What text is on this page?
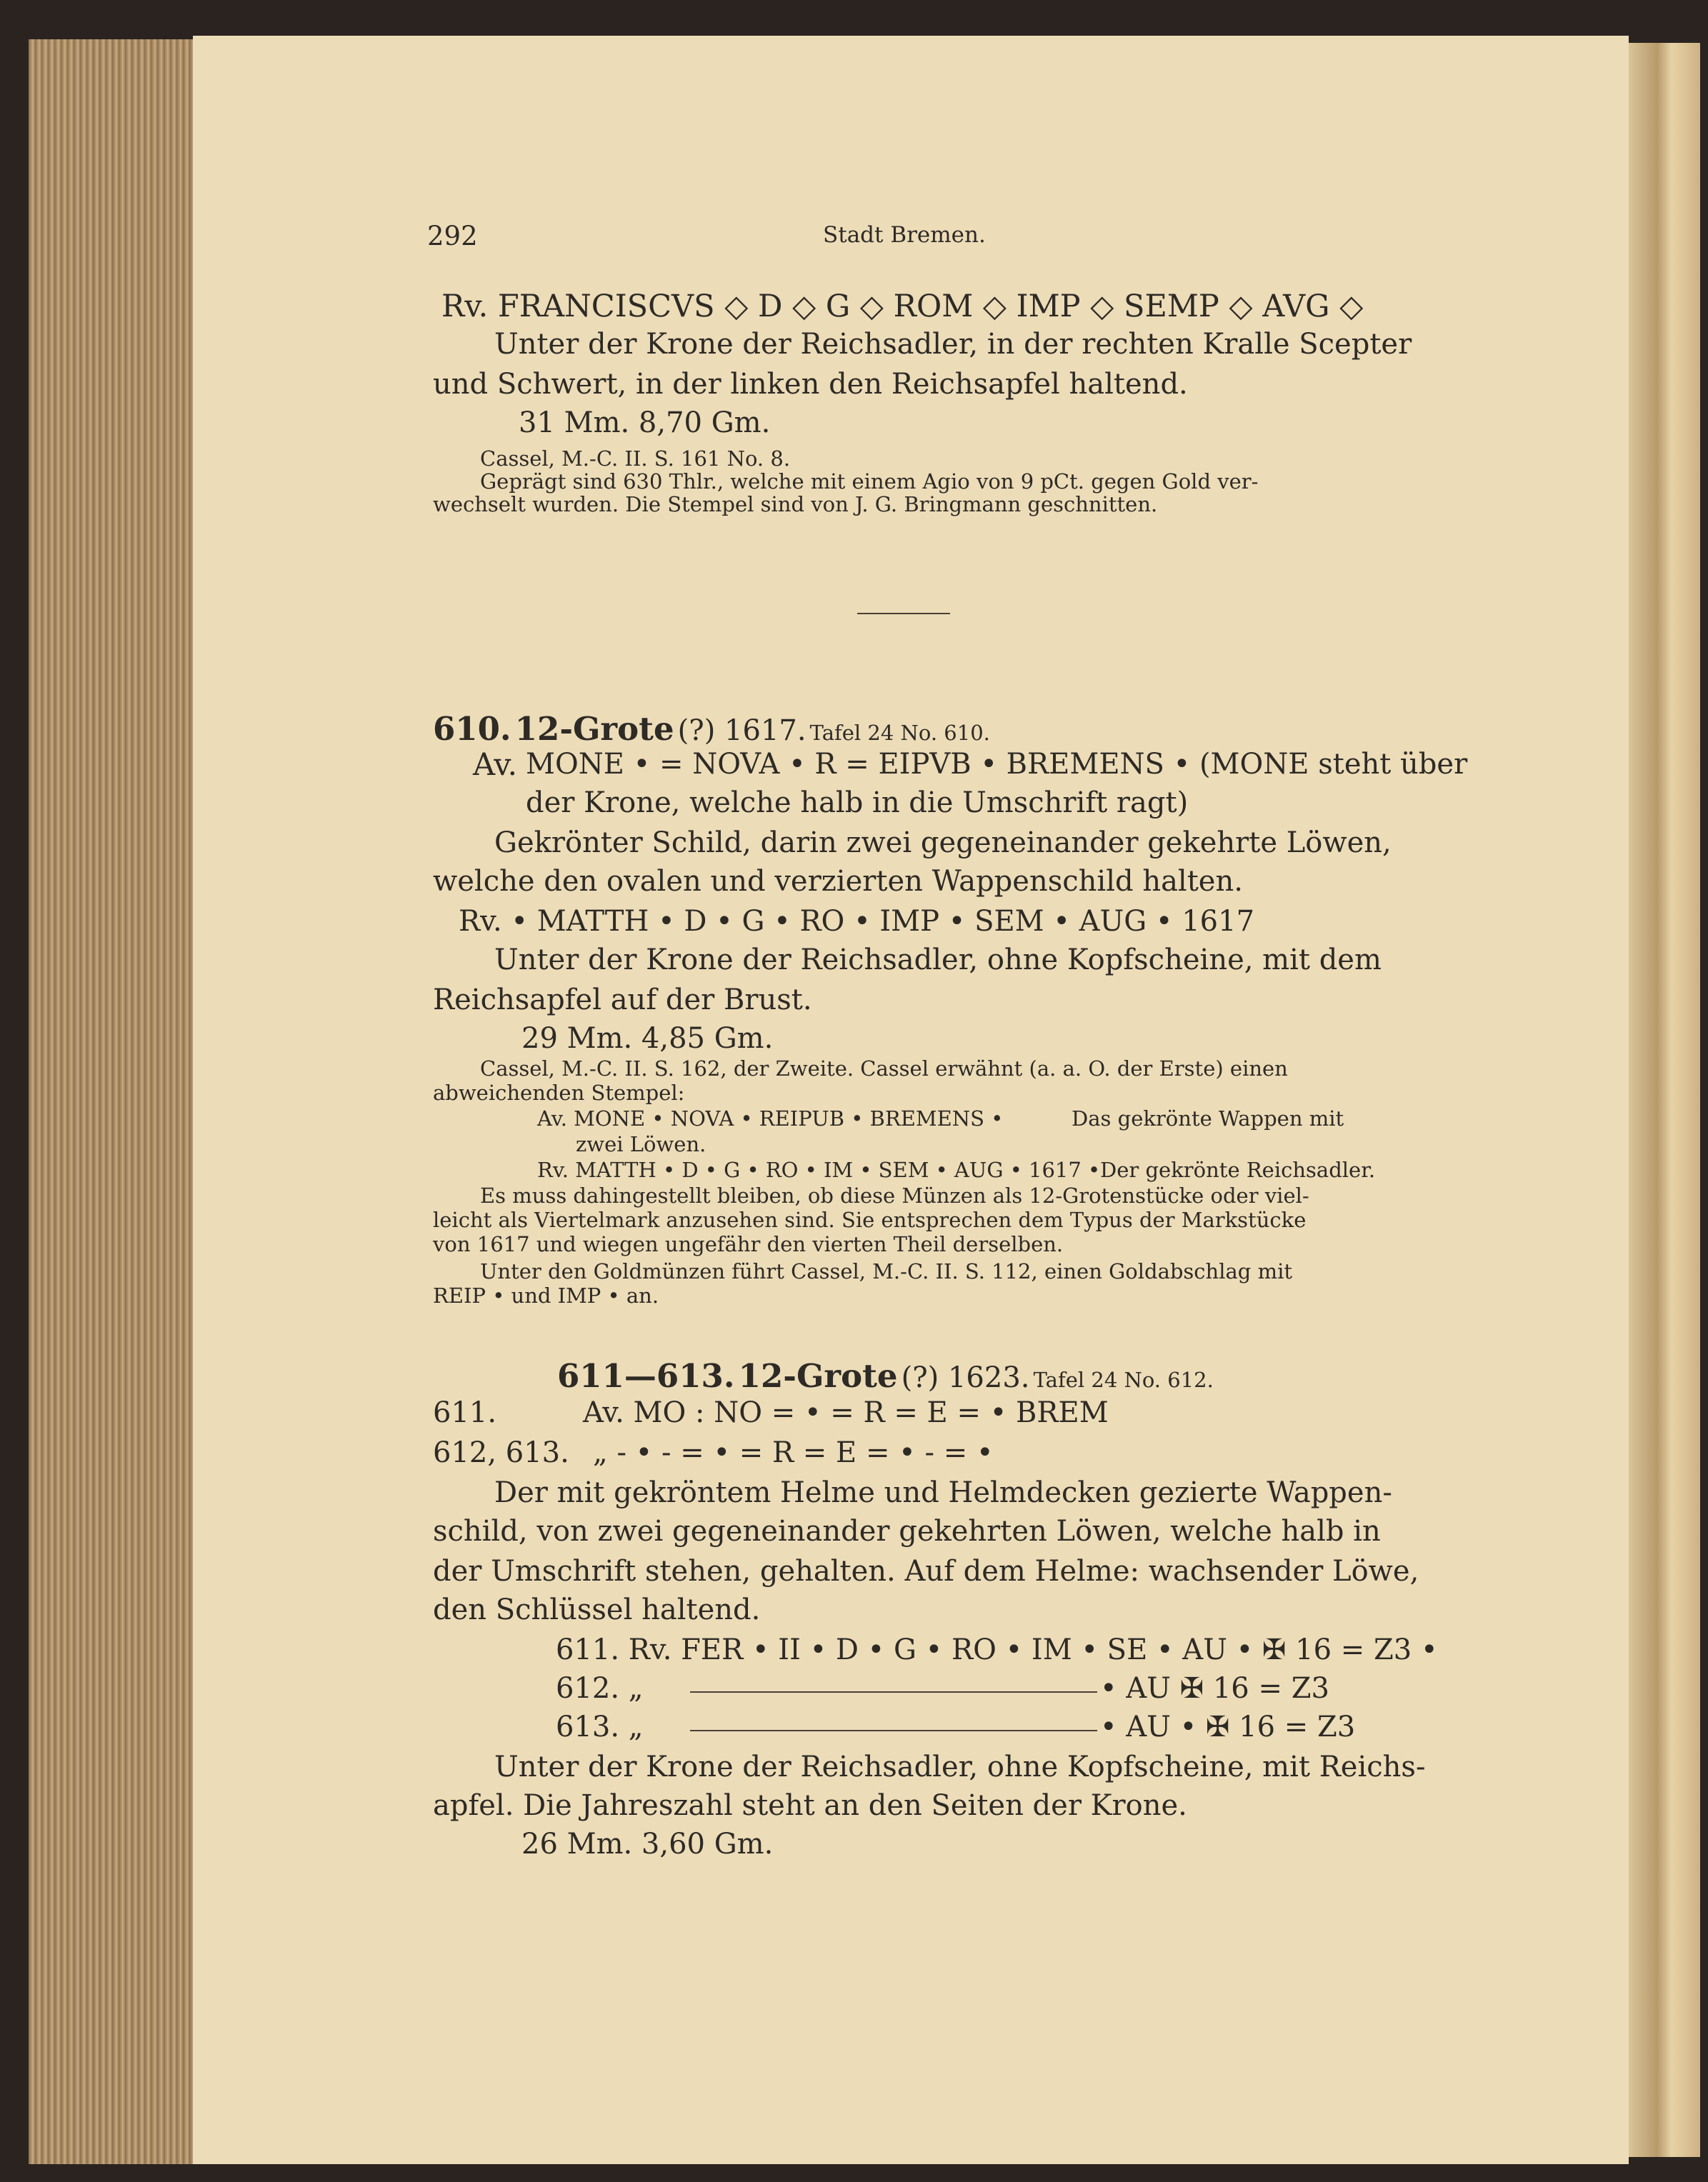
292	Stadt Bremen.
Rv. FRANCISCVS ◇ D ◇ G ◇ ROM ◇ IMP ◇ SEMP ◇ AVG ◇
Unter der Krone der Reichsadler, in der rechten Kralle Scepter
und Schwert, in der linken den Reichsapfel haltend.
31 Mm. 8,70 Gm.
Cassel, M.-C. II. S. 161 No. 8.
Geprägt sind 630 Thlr., welche mit einem Agio von 9 pCt. gegen Gold ver-
wechselt wurden. Die Stempel sind von J. G. Bringmann geschnitten.
610. 12-Grote (?) 1617. Tafel 24 No. 610.
Av. MONE • = NOVA • R = EIPVB • BREMENS • (MONE steht über
der Krone, welche halb in die Umschrift ragt)
Gekrönter Schild, darin zwei gegeneinander gekehrte Löwen,
welche den ovalen und verzierten Wappenschild halten.
Rv. • MATTH • D • G • RO • IMP • SEM • AUG • 1617
Unter der Krone der Reichsadler, ohne Kopfscheine, mit dem
Reichsapfel auf der Brust.
29 Mm. 4,85 Gm.
Cassel, M.-C. II. S. 162, der Zweite. Cassel erwähnt (a. a. O. der Erste) einen
abweichenden Stempel:
Av. MONE • NOVA • REIPUB • BREMENS •	Das gekrönte Wappen mit
zwei Löwen.
Rv. MATTH • D • G • RO • IM • SEM • AUG • 1617 • Der gekrönte Reichsadler.
Es muss dahingestellt bleiben, ob diese Münzen als 12-Grotenstücke oder viel-
leicht als Viertelmark anzusehen sind. Sie entsprechen dem Typus der Markstücke
von 1617 und wiegen ungefähr den vierten Theil derselben.
Unter den Goldmünzen führt Cassel, M.-C. II. S. 112, einen Goldabschlag mit
REIP • und IMP • an.
611—613. 12-Grote (?) 1623. Tafel 24 No. 612.
611.	Av. MO : NO = • = R = E = • BREM
612, 613. „ - • - = • = R = E = • - = •
Der mit gekröntem Helme und Helmdecken gezierte Wappen-
schild, von zwei gegeneinander gekehrten Löwen, welche halb in
der Umschrift stehen, gehalten. Auf dem Helme: wachsender Löwe,
den Schlüssel haltend.
611. Rv. FER • II • D • G • RO • IM • SE • AU • ✠ 16 = Z3 •
612. „	• AU ✠ 16 = Z3
613. „	• AU • ✠ 16 = Z3
Unter der Krone der Reichsadler, ohne Kopfscheine, mit Reichs-
apfel. Die Jahreszahl steht an den Seiten der Krone.
26 Mm. 3,60 Gm.
